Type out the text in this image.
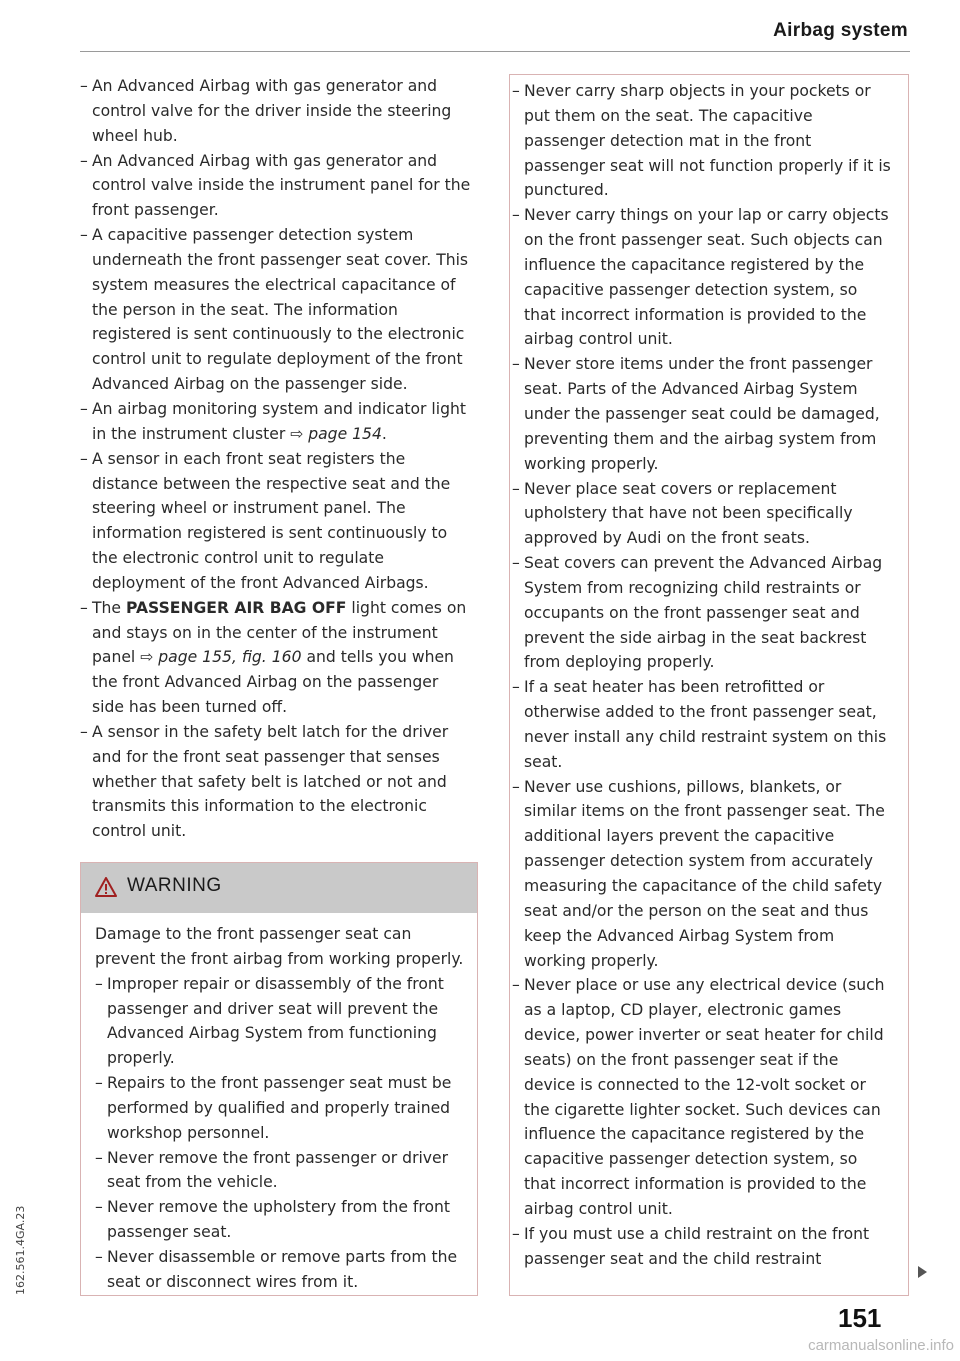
Airbag system
– An Advanced Airbag with gas generator and control valve for the driver inside the steering wheel hub.
– An Advanced Airbag with gas generator and control valve inside the instrument panel for the front passenger.
– A capacitive passenger detection system underneath the front passenger seat cover. This system measures the electrical capacitance of the person in the seat. The information registered is sent continuously to the electronic control unit to regulate deployment of the front Advanced Airbag on the passenger side.
– An airbag monitoring system and indicator light in the instrument cluster ⇨ page 154.
– A sensor in each front seat registers the distance between the respective seat and the steering wheel or instrument panel. The information registered is sent continuously to the electronic control unit to regulate deployment of the front Advanced Airbags.
– The PASSENGER AIR BAG OFF light comes on and stays on in the center of the instrument panel ⇨ page 155, fig. 160 and tells you when the front Advanced Airbag on the passenger side has been turned off.
– A sensor in the safety belt latch for the driver and for the front seat passenger that senses whether that safety belt is latched or not and transmits this information to the electronic control unit.
WARNING

Damage to the front passenger seat can prevent the front airbag from working properly.

– Improper repair or disassembly of the front passenger and driver seat will prevent the Advanced Airbag System from functioning properly.
– Repairs to the front passenger seat must be performed by qualified and properly trained workshop personnel.
– Never remove the front passenger or driver seat from the vehicle.
– Never remove the upholstery from the front passenger seat.
– Never disassemble or remove parts from the seat or disconnect wires from it.
– Never carry sharp objects in your pockets or put them on the seat. The capacitive passenger detection mat in the front passenger seat will not function properly if it is punctured.
– Never carry things on your lap or carry objects on the front passenger seat. Such objects can influence the capacitance registered by the capacitive passenger detection system, so that incorrect information is provided to the airbag control unit.
– Never store items under the front passenger seat. Parts of the Advanced Airbag System under the passenger seat could be damaged, preventing them and the airbag system from working properly.
– Never place seat covers or replacement upholstery that have not been specifically approved by Audi on the front seats.
– Seat covers can prevent the Advanced Airbag System from recognizing child restraints or occupants on the front passenger seat and prevent the side airbag in the seat backrest from deploying properly.
– If a seat heater has been retrofitted or otherwise added to the front passenger seat, never install any child restraint system on this seat.
– Never use cushions, pillows, blankets, or similar items on the front passenger seat. The additional layers prevent the capacitive passenger detection system from accurately measuring the capacitance of the child safety seat and/or the person on the seat and thus keep the Advanced Airbag System from working properly.
– Never place or use any electrical device (such as a laptop, CD player, electronic games device, power inverter or seat heater for child seats) on the front passenger seat if the device is connected to the 12-volt socket or the cigarette lighter socket. Such devices can influence the capacitance registered by the capacitive passenger detection system, so that incorrect information is provided to the airbag control unit.
– If you must use a child restraint on the front passenger seat and the child restraint
151
162.561.4GA.23
carmanualsonline.info
